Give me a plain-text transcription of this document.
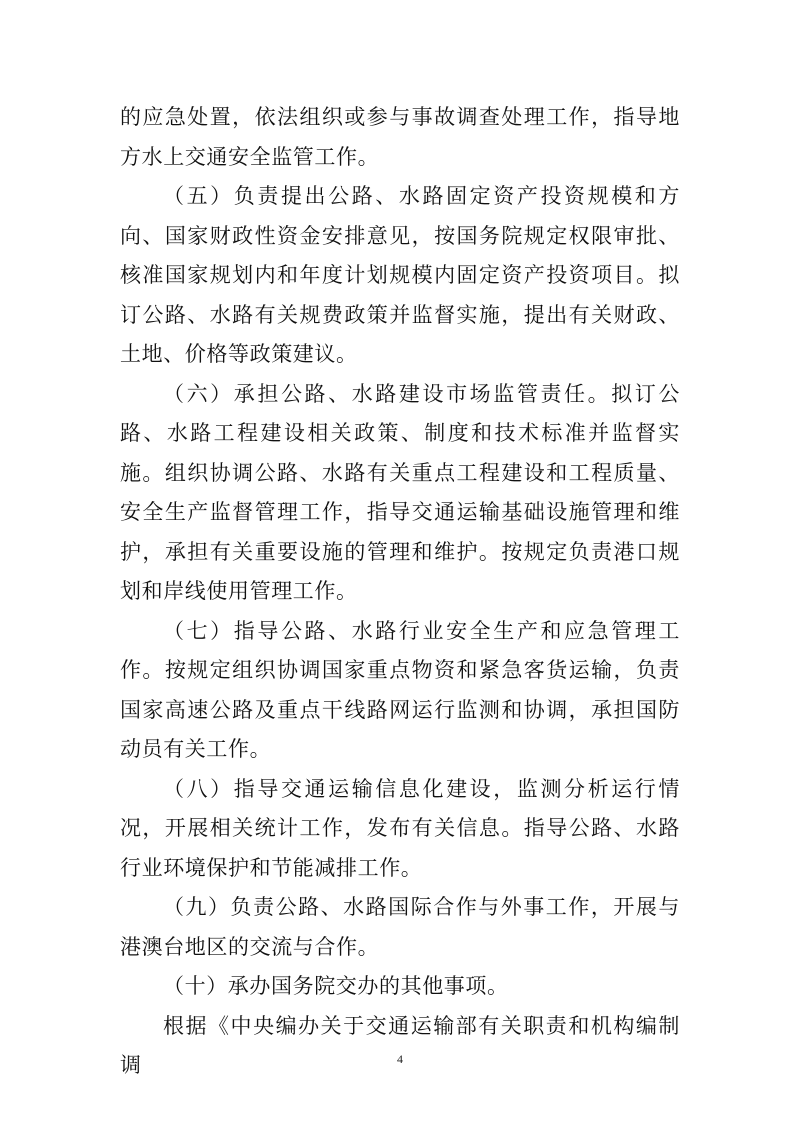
的应急处置，依法组织或参与事故调查处理工作，指导地方水上交通安全监管工作。

（五）负责提出公路、水路固定资产投资规模和方向、国家财政性资金安排意见，按国务院规定权限审批、核准国家规划内和年度计划规模内固定资产投资项目。拟订公路、水路有关规费政策并监督实施，提出有关财政、土地、价格等政策建议。

（六）承担公路、水路建设市场监管责任。拟订公路、水路工程建设相关政策、制度和技术标准并监督实施。组织协调公路、水路有关重点工程建设和工程质量、安全生产监督管理工作，指导交通运输基础设施管理和维护，承担有关重要设施的管理和维护。按规定负责港口规划和岸线使用管理工作。

（七）指导公路、水路行业安全生产和应急管理工作。按规定组织协调国家重点物资和紧急客货运输，负责国家高速公路及重点干线路网运行监测和协调，承担国防动员有关工作。

（八）指导交通运输信息化建设，监测分析运行情况，开展相关统计工作，发布有关信息。指导公路、水路行业环境保护和节能减排工作。

（九）负责公路、水路国际合作与外事工作，开展与港澳台地区的交流与合作。

（十）承办国务院交办的其他事项。

根据《中央编办关于交通运输部有关职责和机构编制调	4
